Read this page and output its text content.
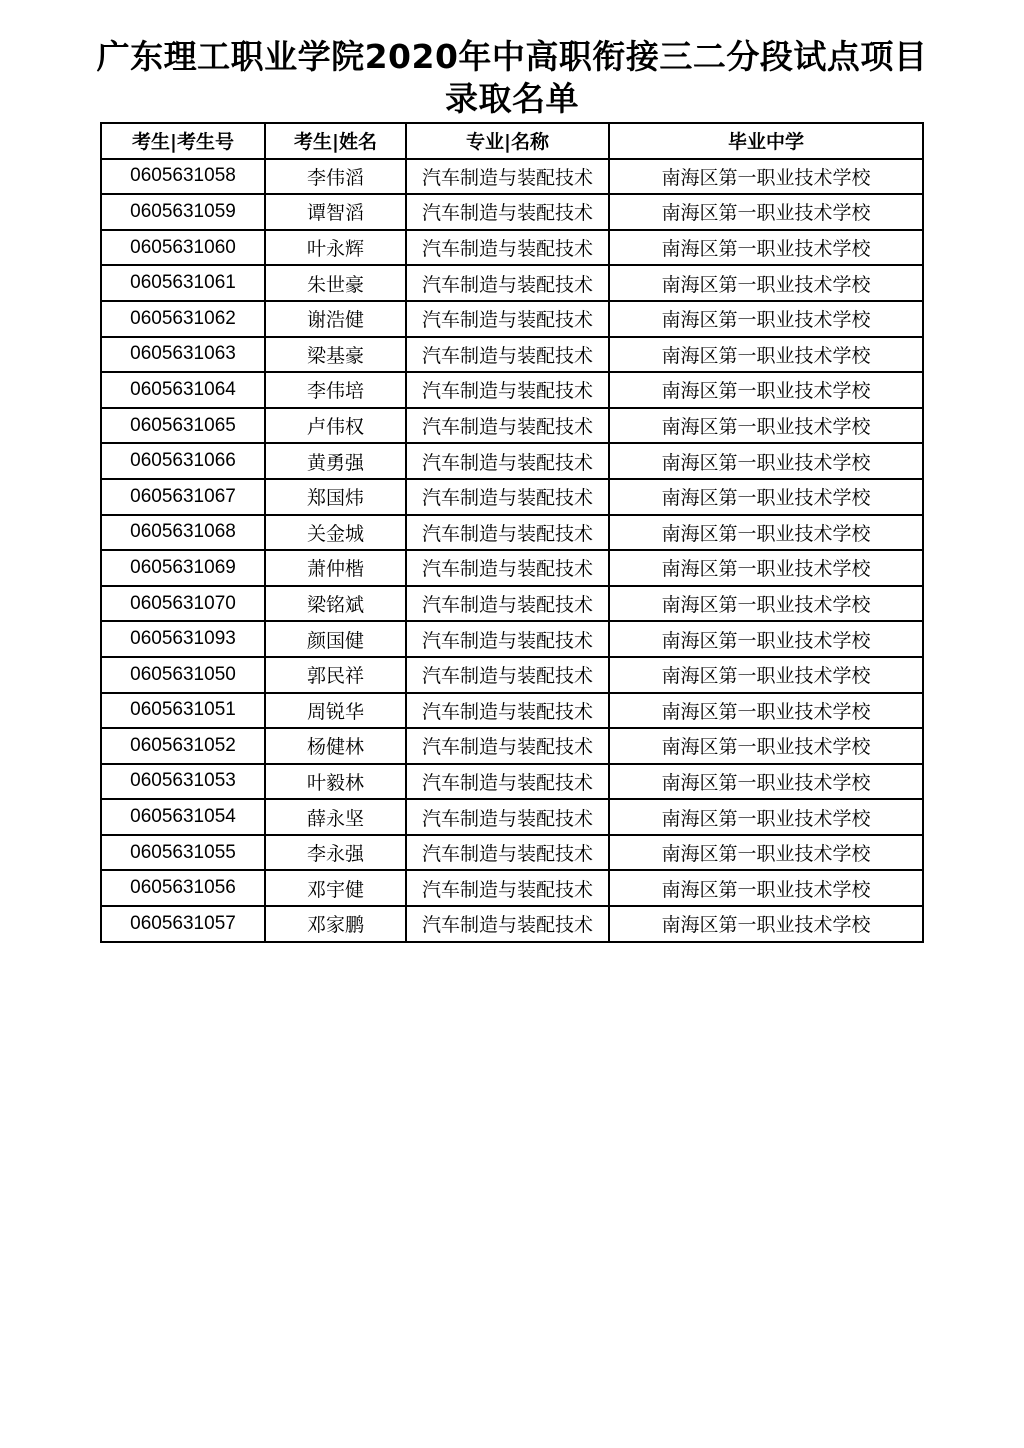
广东理工职业学院2020年中高职衔接三二分段试点项目
录取名单
考生|考生号	考生|姓名	专业|名称	毕业中学
0605631058	李伟滔	汽车制造与装配技术	南海区第一职业技术学校
0605631059	谭智滔	汽车制造与装配技术	南海区第一职业技术学校
0605631060	叶永辉	汽车制造与装配技术	南海区第一职业技术学校
0605631061	朱世豪	汽车制造与装配技术	南海区第一职业技术学校
0605631062	谢浩健	汽车制造与装配技术	南海区第一职业技术学校
0605631063	梁基豪	汽车制造与装配技术	南海区第一职业技术学校
0605631064	李伟培	汽车制造与装配技术	南海区第一职业技术学校
0605631065	卢伟权	汽车制造与装配技术	南海区第一职业技术学校
0605631066	黄勇强	汽车制造与装配技术	南海区第一职业技术学校
0605631067	郑国炜	汽车制造与装配技术	南海区第一职业技术学校
0605631068	关金城	汽车制造与装配技术	南海区第一职业技术学校
0605631069	萧仲楷	汽车制造与装配技术	南海区第一职业技术学校
0605631070	梁铭斌	汽车制造与装配技术	南海区第一职业技术学校
0605631093	颜国健	汽车制造与装配技术	南海区第一职业技术学校
0605631050	郭民祥	汽车制造与装配技术	南海区第一职业技术学校
0605631051	周锐华	汽车制造与装配技术	南海区第一职业技术学校
0605631052	杨健林	汽车制造与装配技术	南海区第一职业技术学校
0605631053	叶毅林	汽车制造与装配技术	南海区第一职业技术学校
0605631054	薛永坚	汽车制造与装配技术	南海区第一职业技术学校
0605631055	李永强	汽车制造与装配技术	南海区第一职业技术学校
0605631056	邓宇健	汽车制造与装配技术	南海区第一职业技术学校
0605631057	邓家鹏	汽车制造与装配技术	南海区第一职业技术学校
